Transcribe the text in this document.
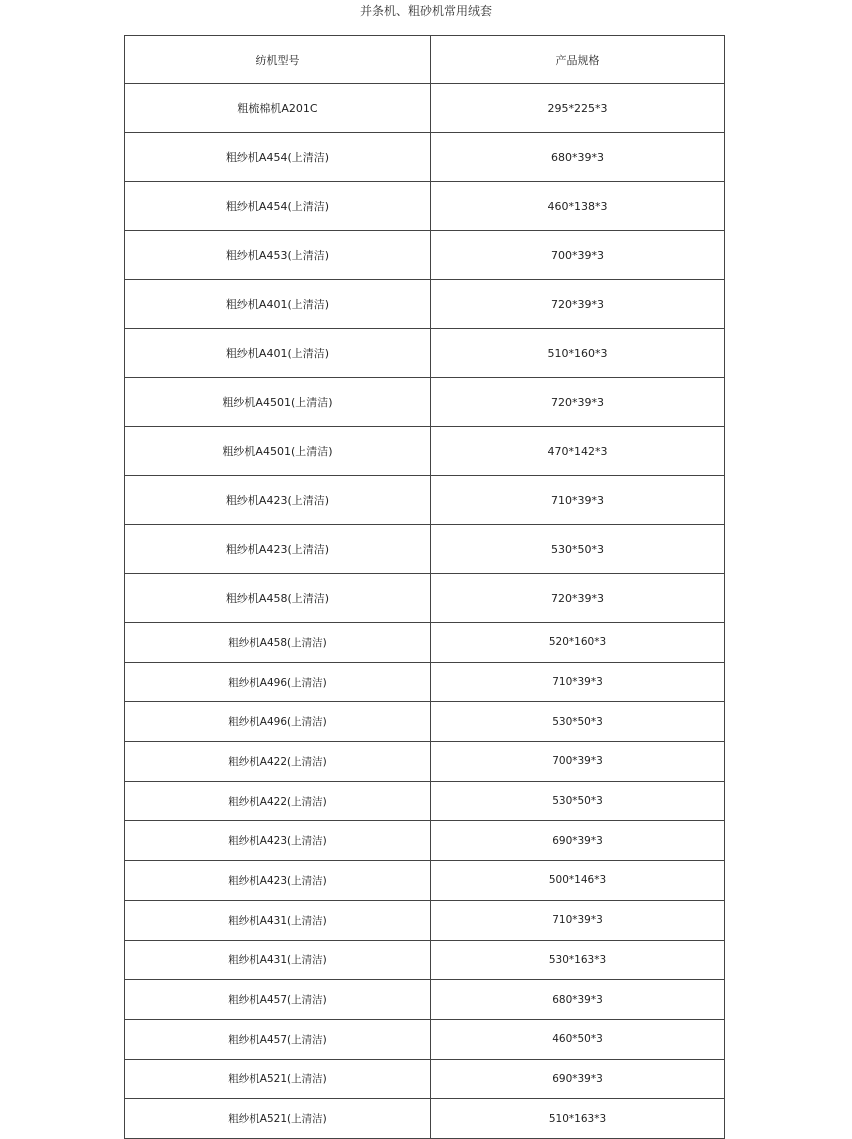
并条机、粗砂机常用绒套
纺机型号	产品规格
粗梳棉机A201C	295*225*3
粗纱机A454(上清洁)	680*39*3
粗纱机A454(上清洁)	460*138*3
粗纱机A453(上清洁)	700*39*3
粗纱机A401(上清洁)	720*39*3
粗纱机A401(上清洁)	510*160*3
粗纱机A4501(上清洁)	720*39*3
粗纱机A4501(上清洁)	470*142*3
粗纱机A423(上清洁)	710*39*3
粗纱机A423(上清洁)	530*50*3
粗纱机A458(上清洁)	720*39*3
粗纱机A458(上清洁)	520*160*3
粗纱机A496(上清洁)	710*39*3
粗纱机A496(上清洁)	530*50*3
粗纱机A422(上清洁)	700*39*3
粗纱机A422(上清洁)	530*50*3
粗纱机A423(上清洁)	690*39*3
粗纱机A423(上清洁)	500*146*3
粗纱机A431(上清洁)	710*39*3
粗纱机A431(上清洁)	530*163*3
粗纱机A457(上清洁)	680*39*3
粗纱机A457(上清洁)	460*50*3
粗纱机A521(上清洁)	690*39*3
粗纱机A521(上清洁)	510*163*3
